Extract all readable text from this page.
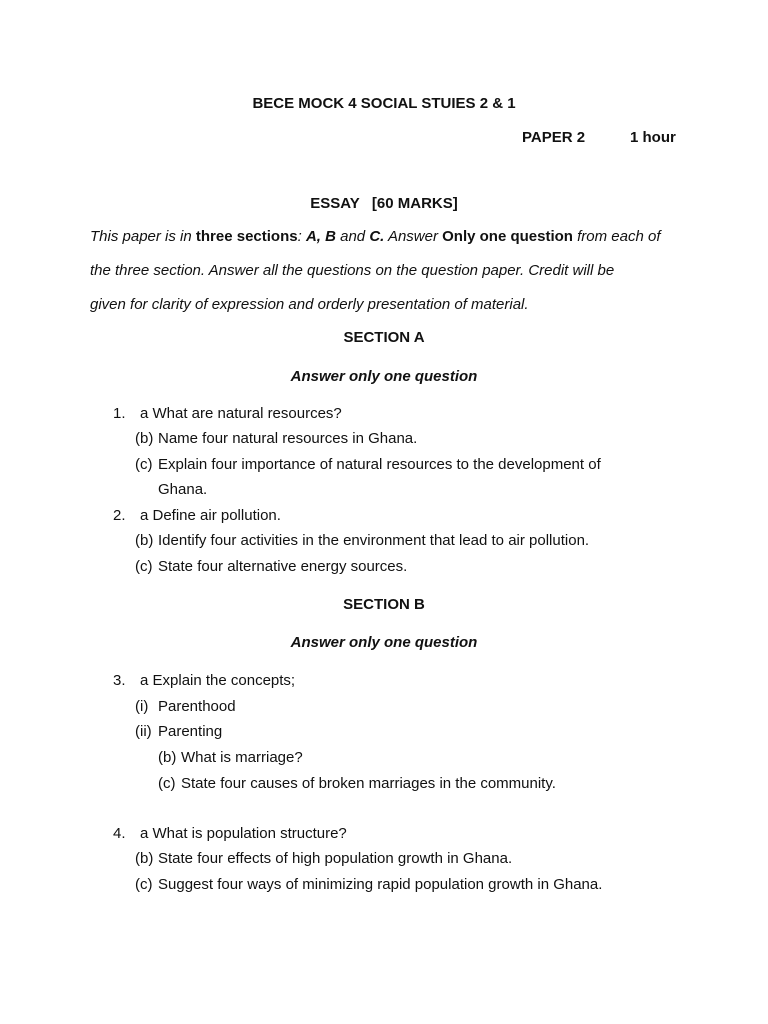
BECE MOCK 4 SOCIAL STUIES 2 & 1
PAPER 2	1 hour
ESSAY   [60 MARKS]
This paper is in three sections: A, B and C. Answer Only one question from each of
the three section. Answer all the questions on the question paper. Credit will be
given for clarity of expression and orderly presentation of material.
SECTION A
Answer only one question
1. a What are natural resources?
(b) Name four natural resources in Ghana.
(c) Explain four importance of natural resources to the development of
Ghana.
2. a Define air pollution.
(b) Identify four activities in the environment that lead to air pollution.
(c) State four alternative energy sources.
SECTION B
Answer only one question
3. a Explain the concepts;
(i) Parenthood
(ii) Parenting
(b) What is marriage?
(c) State four causes of broken marriages in the community.
4. a What is population structure?
(b) State four effects of high population growth in Ghana.
(c) Suggest four ways of minimizing rapid population growth in Ghana.
